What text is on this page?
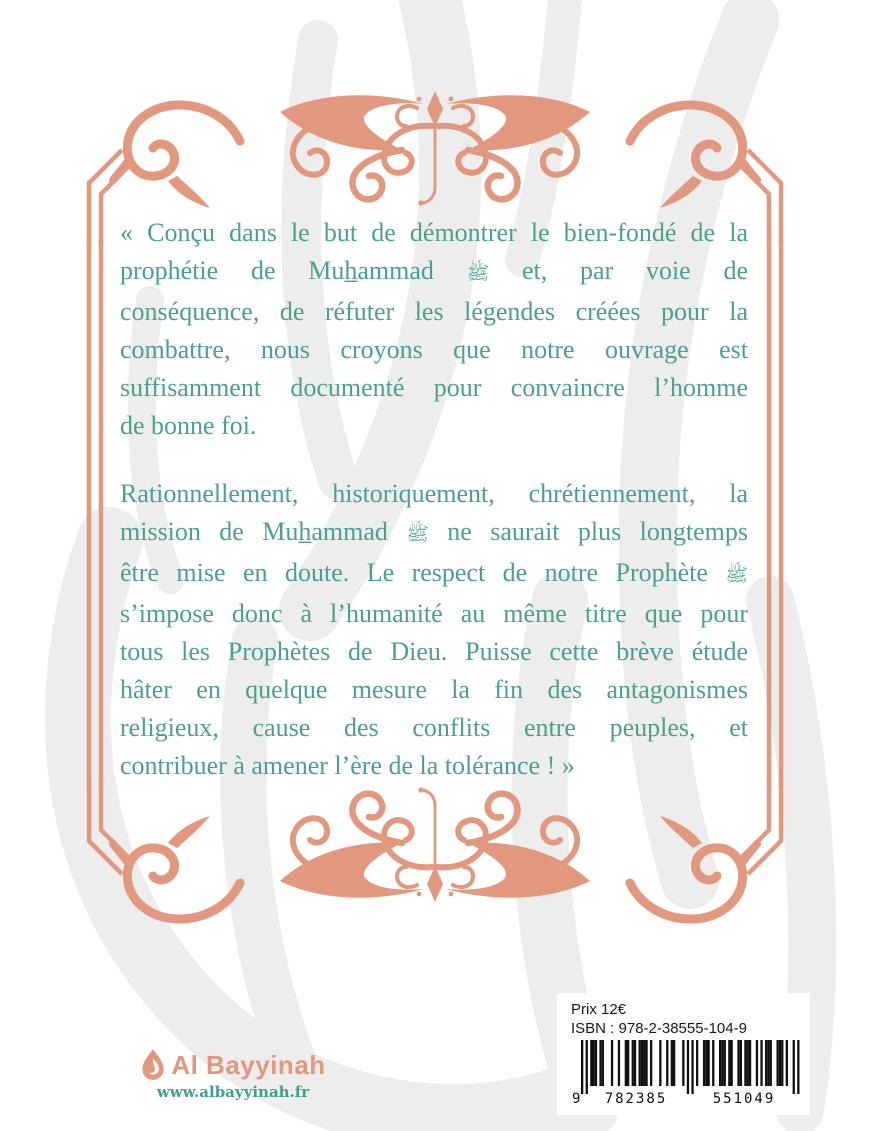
« Conçu dans le but de démontrer le bien-fondé de la
prophétie de Muh̲ammad ﷺ et, par voie de
conséquence, de réfuter les légendes créées pour la
combattre, nous croyons que notre ouvrage est
suffisamment documenté pour convaincre l’homme
de bonne foi.

Rationnellement, historiquement, chrétiennement, la
mission de Muh̲ammad ﷺ ne saurait plus longtemps
être mise en doute. Le respect de notre Prophète ﷺ
s’impose donc à l’humanité au même titre que pour
tous les Prophètes de Dieu. Puisse cette brève étude
hâter en quelque mesure la fin des antagonismes
religieux, cause des conflits entre peuples, et
contribuer à amener l’ère de la tolérance ! »

Al Bayyinah
www.albayyinah.fr
Prix 12€
ISBN : 978-2-38555-104-9
9 782385	551049
